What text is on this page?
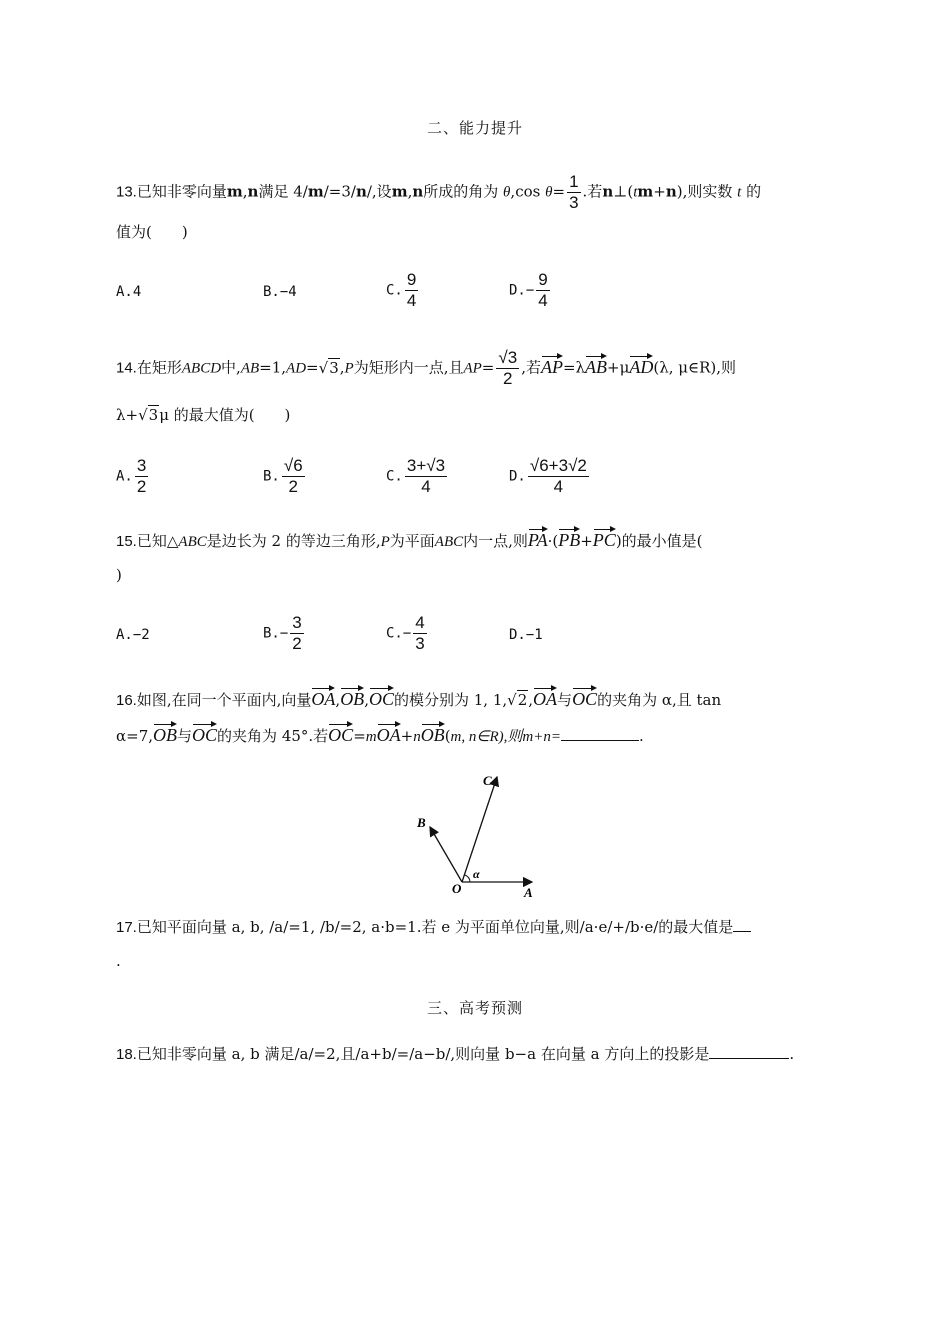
二、能力提升
13.已知非零向量m,n满足 4/m/=3/n/,设m,n所成的角为 θ,cos $\theta= \frac{1}{3}$ .若n⊥(tm+n),则实数 t 的
值为(　　)
A.4	B.−4	C. $\frac{9}{4}$	$D.- \frac{9}{4}$
14.在矩形ABCD中,AB=1,AD=√3,P为矩形内一点,且$AP= \frac{√3}{2}$ ,若AP=λAB+μAD(λ, μ∈R),则
λ+√3μ 的最大值为(　　)
A. $\frac{3}{2}$	B. $\frac{√6}{2}$	C. $\frac{3+√3}{4}$	D. $\frac{√6+3√2}{4}$
15.已知△ABC是边长为 2 的等边三角形,P为平面ABC内一点,则PA·(PB+PC)的最小值是(
)
A.−2	$B.- \frac{3}{2}$	$C.- \frac{4}{3}$	D.−1
16.如图,在同一个平面内,向量OA,OB,OC的模分别为 1, 1,√2,OA与OC的夹角为 α,且 tan
α=7,OB与OC的夹角为 45°.若OC=mOA+nOB(m, n∈R),则m+n=	.
C
B
O	A
α
17.已知平面向量 a, b, /a/=1, /b/=2, a·b=1.若 e 为平面单位向量,则/a·e/+/b·e/的最大值是
.
三、高考预测
18.已知非零向量 a, b 满足/a/=2,且/a+b/=/a−b/,则向量 b−a 在向量 a 方向上的投影是	.
